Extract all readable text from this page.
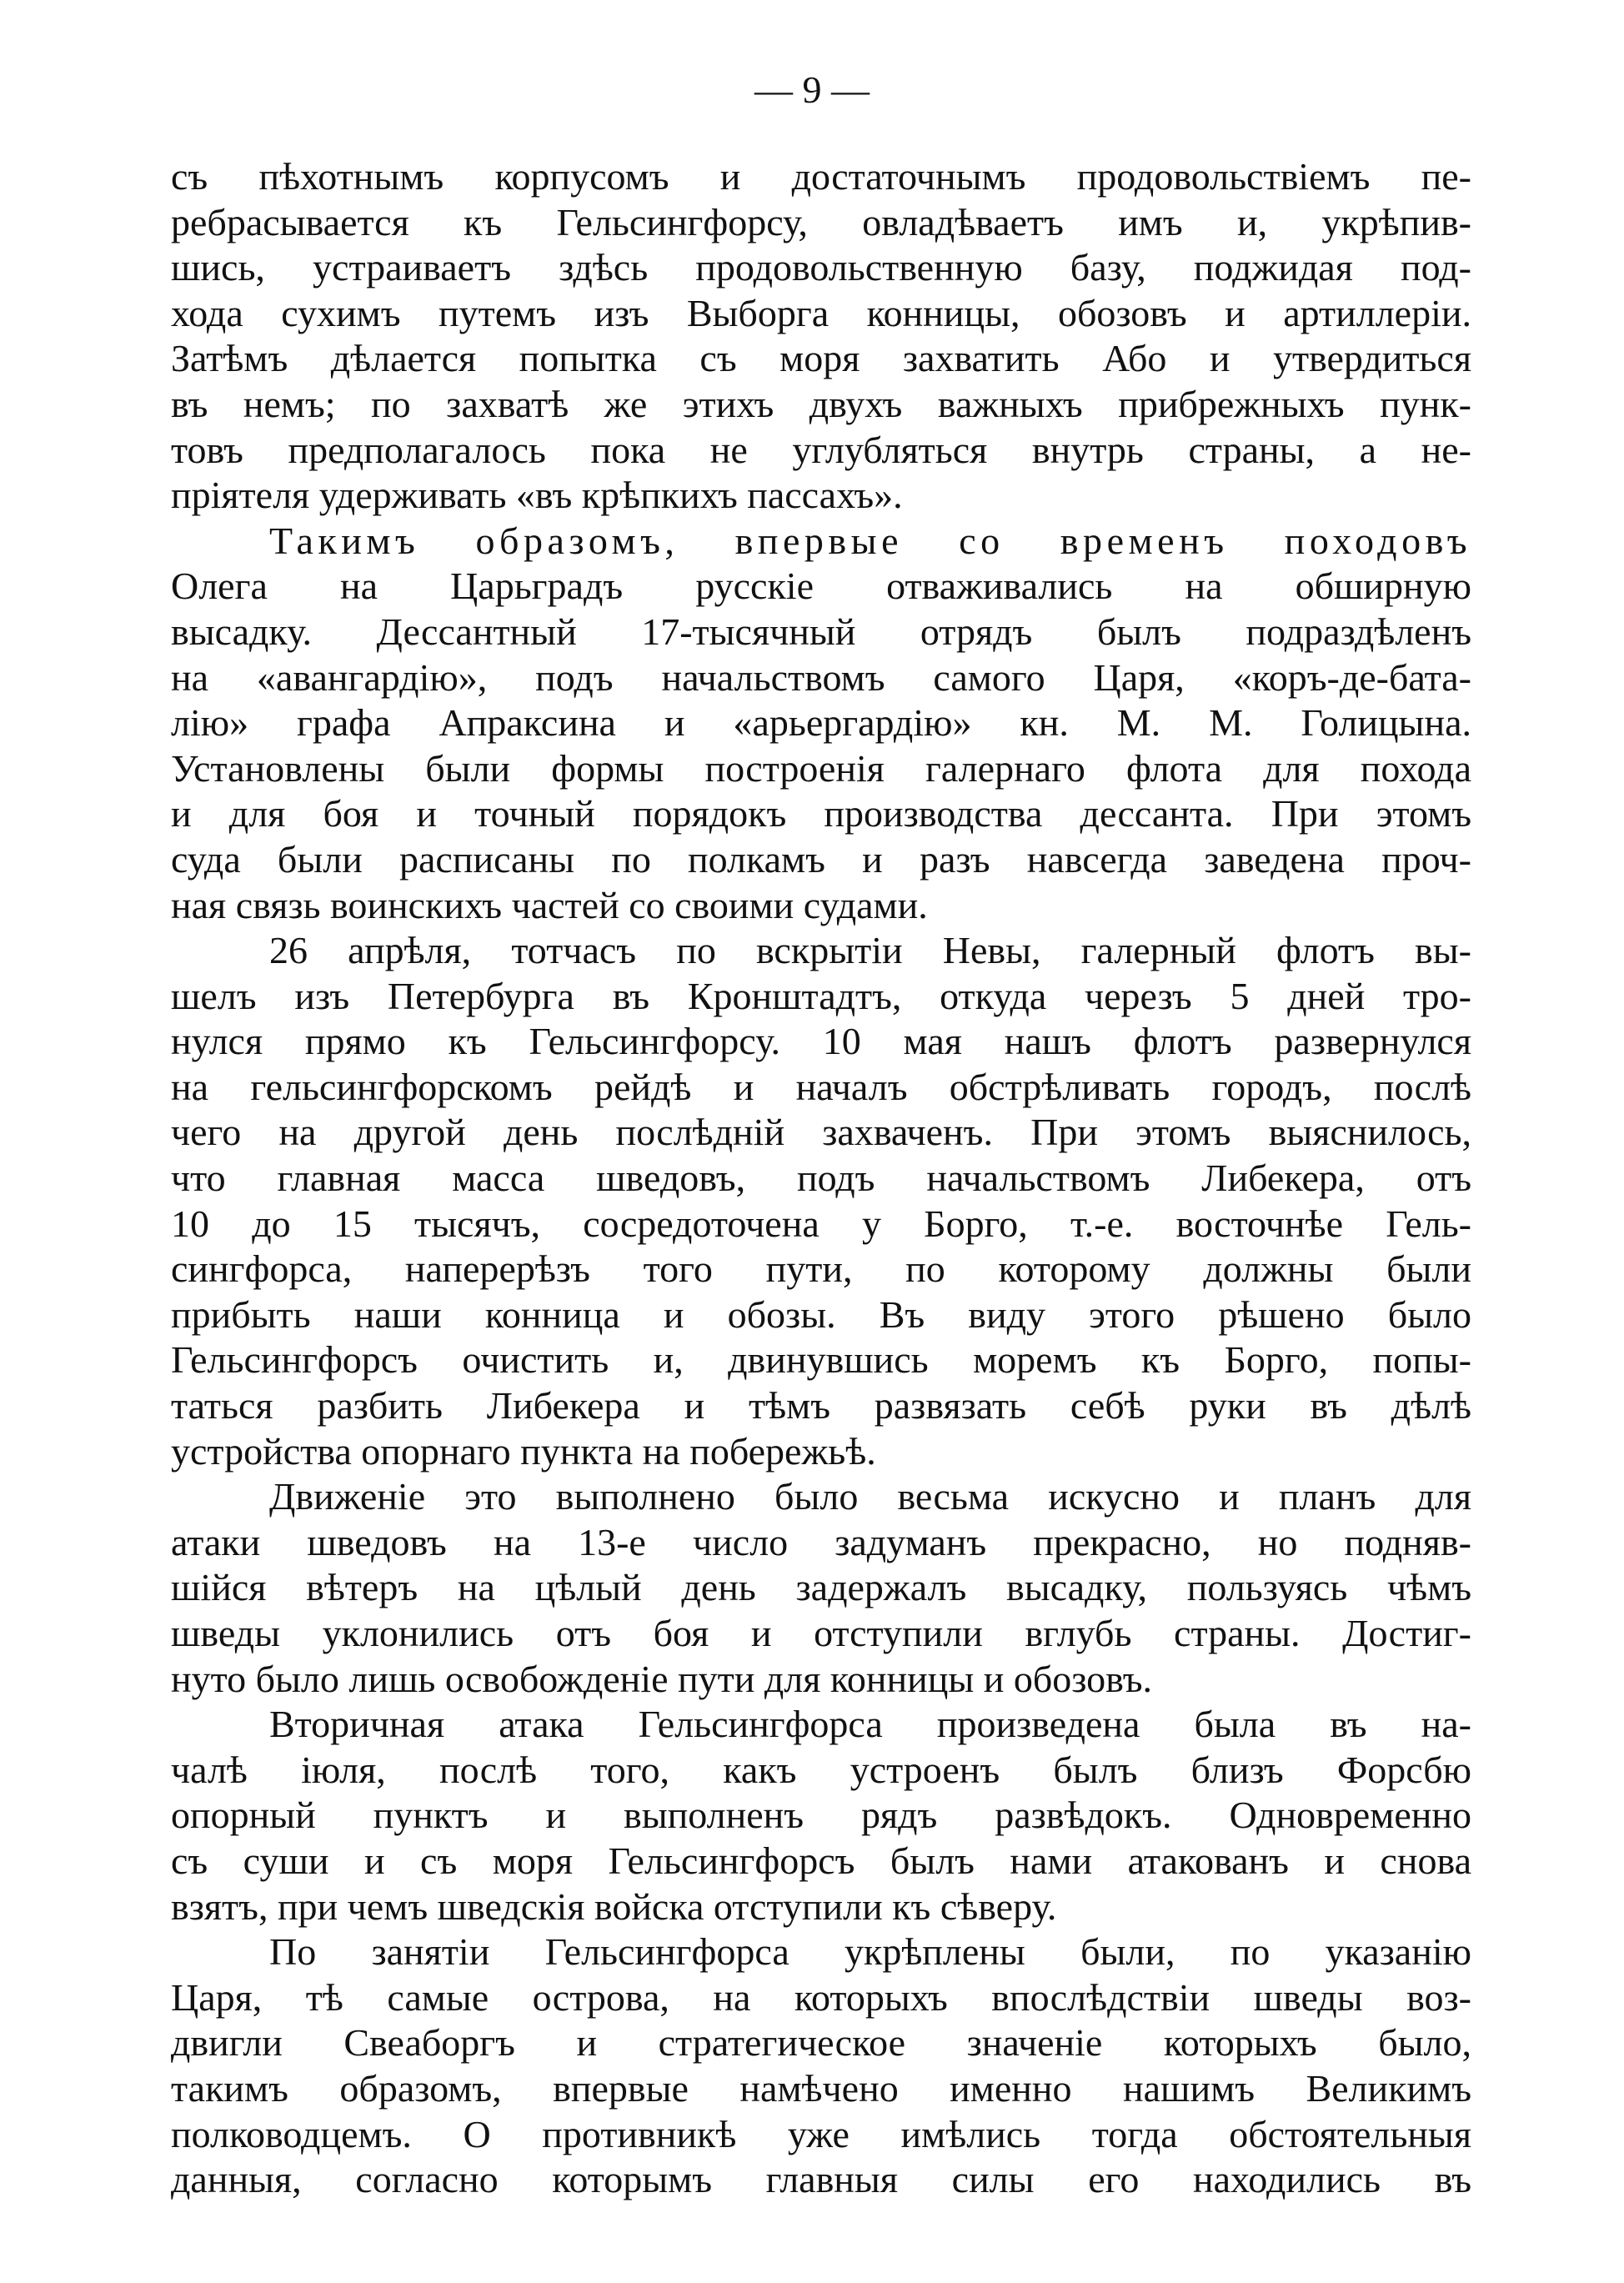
— 9 —
съ пѣхотнымъ корпусомъ и достаточнымъ продовольствіемъ пе-
ребрасывается къ Гельсингфорсу, овладѣваетъ имъ и, укрѣпив-
шись, устраиваетъ здѣсь продовольственную базу, поджидая под-
хода сухимъ путемъ изъ Выборга конницы, обозовъ и артиллеріи.
Затѣмъ дѣлается попытка съ моря захватить Або и утвердиться
въ немъ; по захватѣ же этихъ двухъ важныхъ прибрежныхъ пунк-
товъ предполагалось пока не углубляться внутрь страны, а не-
пріятеля удерживать «въ крѣпкихъ пассахъ».
Такимъ образомъ, впервые со временъ походовъ
Олега на Царьградъ русскіе отваживались на обширную
высадку. Дессантный 17-тысячный отрядъ былъ подраздѣленъ
на «авангардію», подъ начальствомъ самого Царя, «коръ-де-бата-
лію» графа Апраксина и «арьергардію» кн. М. М. Голицына.
Установлены были формы построенія галернаго флота для похода
и для боя и точный порядокъ производства дессанта. При этомъ
суда были расписаны по полкамъ и разъ навсегда заведена проч-
ная связь воинскихъ частей со своими судами.
26 апрѣля, тотчасъ по вскрытіи Невы, галерный флотъ вы-
шелъ изъ Петербурга въ Кронштадтъ, откуда черезъ 5 дней тро-
нулся прямо къ Гельсингфорсу. 10 мая нашъ флотъ развернулся
на гельсингфорскомъ рейдѣ и началъ обстрѣливать городъ, послѣ
чего на другой день послѣдній захваченъ. При этомъ выяснилось,
что главная масса шведовъ, подъ начальствомъ Либекера, отъ
10 до 15 тысячъ, сосредоточена у Борго, т.-е. восточнѣе Гель-
сингфорса, наперерѣзъ того пути, по которому должны были
прибыть наши конница и обозы. Въ виду этого рѣшено было
Гельсингфорсъ очистить и, двинувшись моремъ къ Борго, попы-
таться разбить Либекера и тѣмъ развязать себѣ руки въ дѣлѣ
устройства опорнаго пункта на побережьѣ.
Движеніе это выполнено было весьма искусно и планъ для
атаки шведовъ на 13-е число задуманъ прекрасно, но подняв-
шійся вѣтеръ на цѣлый день задержалъ высадку, пользуясь чѣмъ
шведы уклонились отъ боя и отступили вглубь страны. Достиг-
нуто было лишь освобожденіе пути для конницы и обозовъ.
Вторичная атака Гельсингфорса произведена была въ на-
чалѣ іюля, послѣ того, какъ устроенъ былъ близъ Форсбю
опорный пунктъ и выполненъ рядъ развѣдокъ. Одновременно
съ суши и съ моря Гельсингфорсъ былъ нами атакованъ и снова
взятъ, при чемъ шведскія войска отступили къ сѣверу.
По занятіи Гельсингфорса укрѣплены были, по указанію
Царя, тѣ самые острова, на которыхъ впослѣдствіи шведы воз-
двигли Свеаборгъ и стратегическое значеніе которыхъ было,
такимъ образомъ, впервые намѣчено именно нашимъ Великимъ
полководцемъ. О противникѣ уже имѣлись тогда обстоятельныя
данныя, согласно которымъ главныя силы его находились въ
